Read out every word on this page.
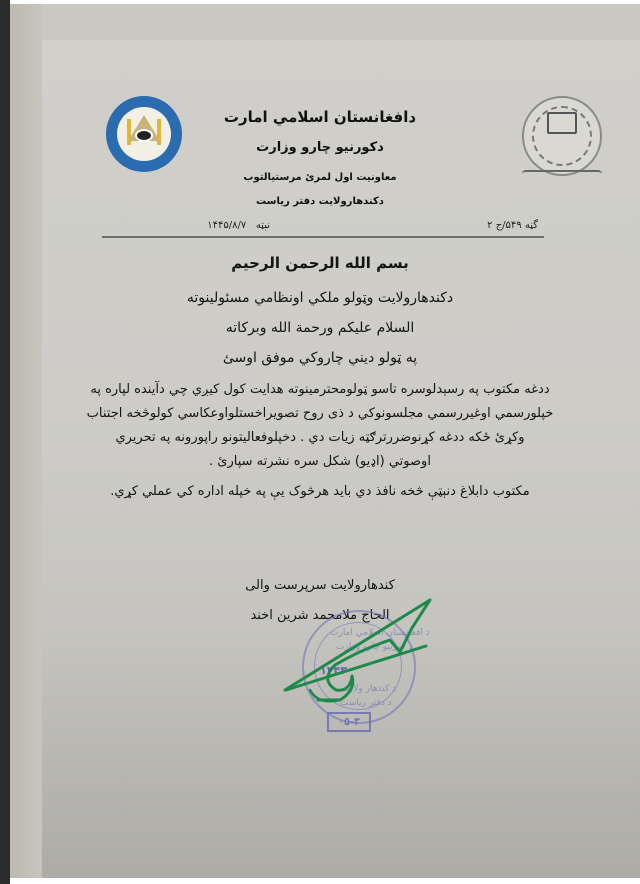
دافغانستان اسلامي امارت
دکورنيو چارو وزارت
معاونيت اول لمرئ مرستيالتوب
دکندهارولايت دفتر رياست
گڼه ۵۴۹/ج ۲
نېټه   ۱۴۴۵/۸/۷
بسم الله الرحمن الرحيم
دکندهارولايت وټولو ملکي اونظامي مسئولينوته
السلام عليکم ورحمة الله وبرکاته
په ټولو ديني چاروکي موفق اوسئ
ددغه مکتوب په رسېدلوسره تاسو ټولومحترمينوته هدايت کول کيږي چي دآينده لپاره په
خپلورسمي اوغيررسمي مجلسونوکي د ذی روح تصويراخستلواوعکاسي کولوڅخه اجتناب
وکړئ ځکه ددغه کړنوضررترګټه زيات دي . دخپلوفعاليتونو راپورونه په تحريري
اوصوتي (اډيو) شکل سره نشرته سپارئ .
مکتوب دابلاغ دنېټې څخه نافذ دي بايد هرڅوک يې په خپله اداره کي عملي کړي.
کندهارولايت سرپرست والی
الحاج ملامحمد شرين اخند
د افغانستان اسلامي امارت
د کورنيو چارو وزارت
د کندهار ولايت
د دفتر رياست
۱۴۴۳
۰۵-۳
